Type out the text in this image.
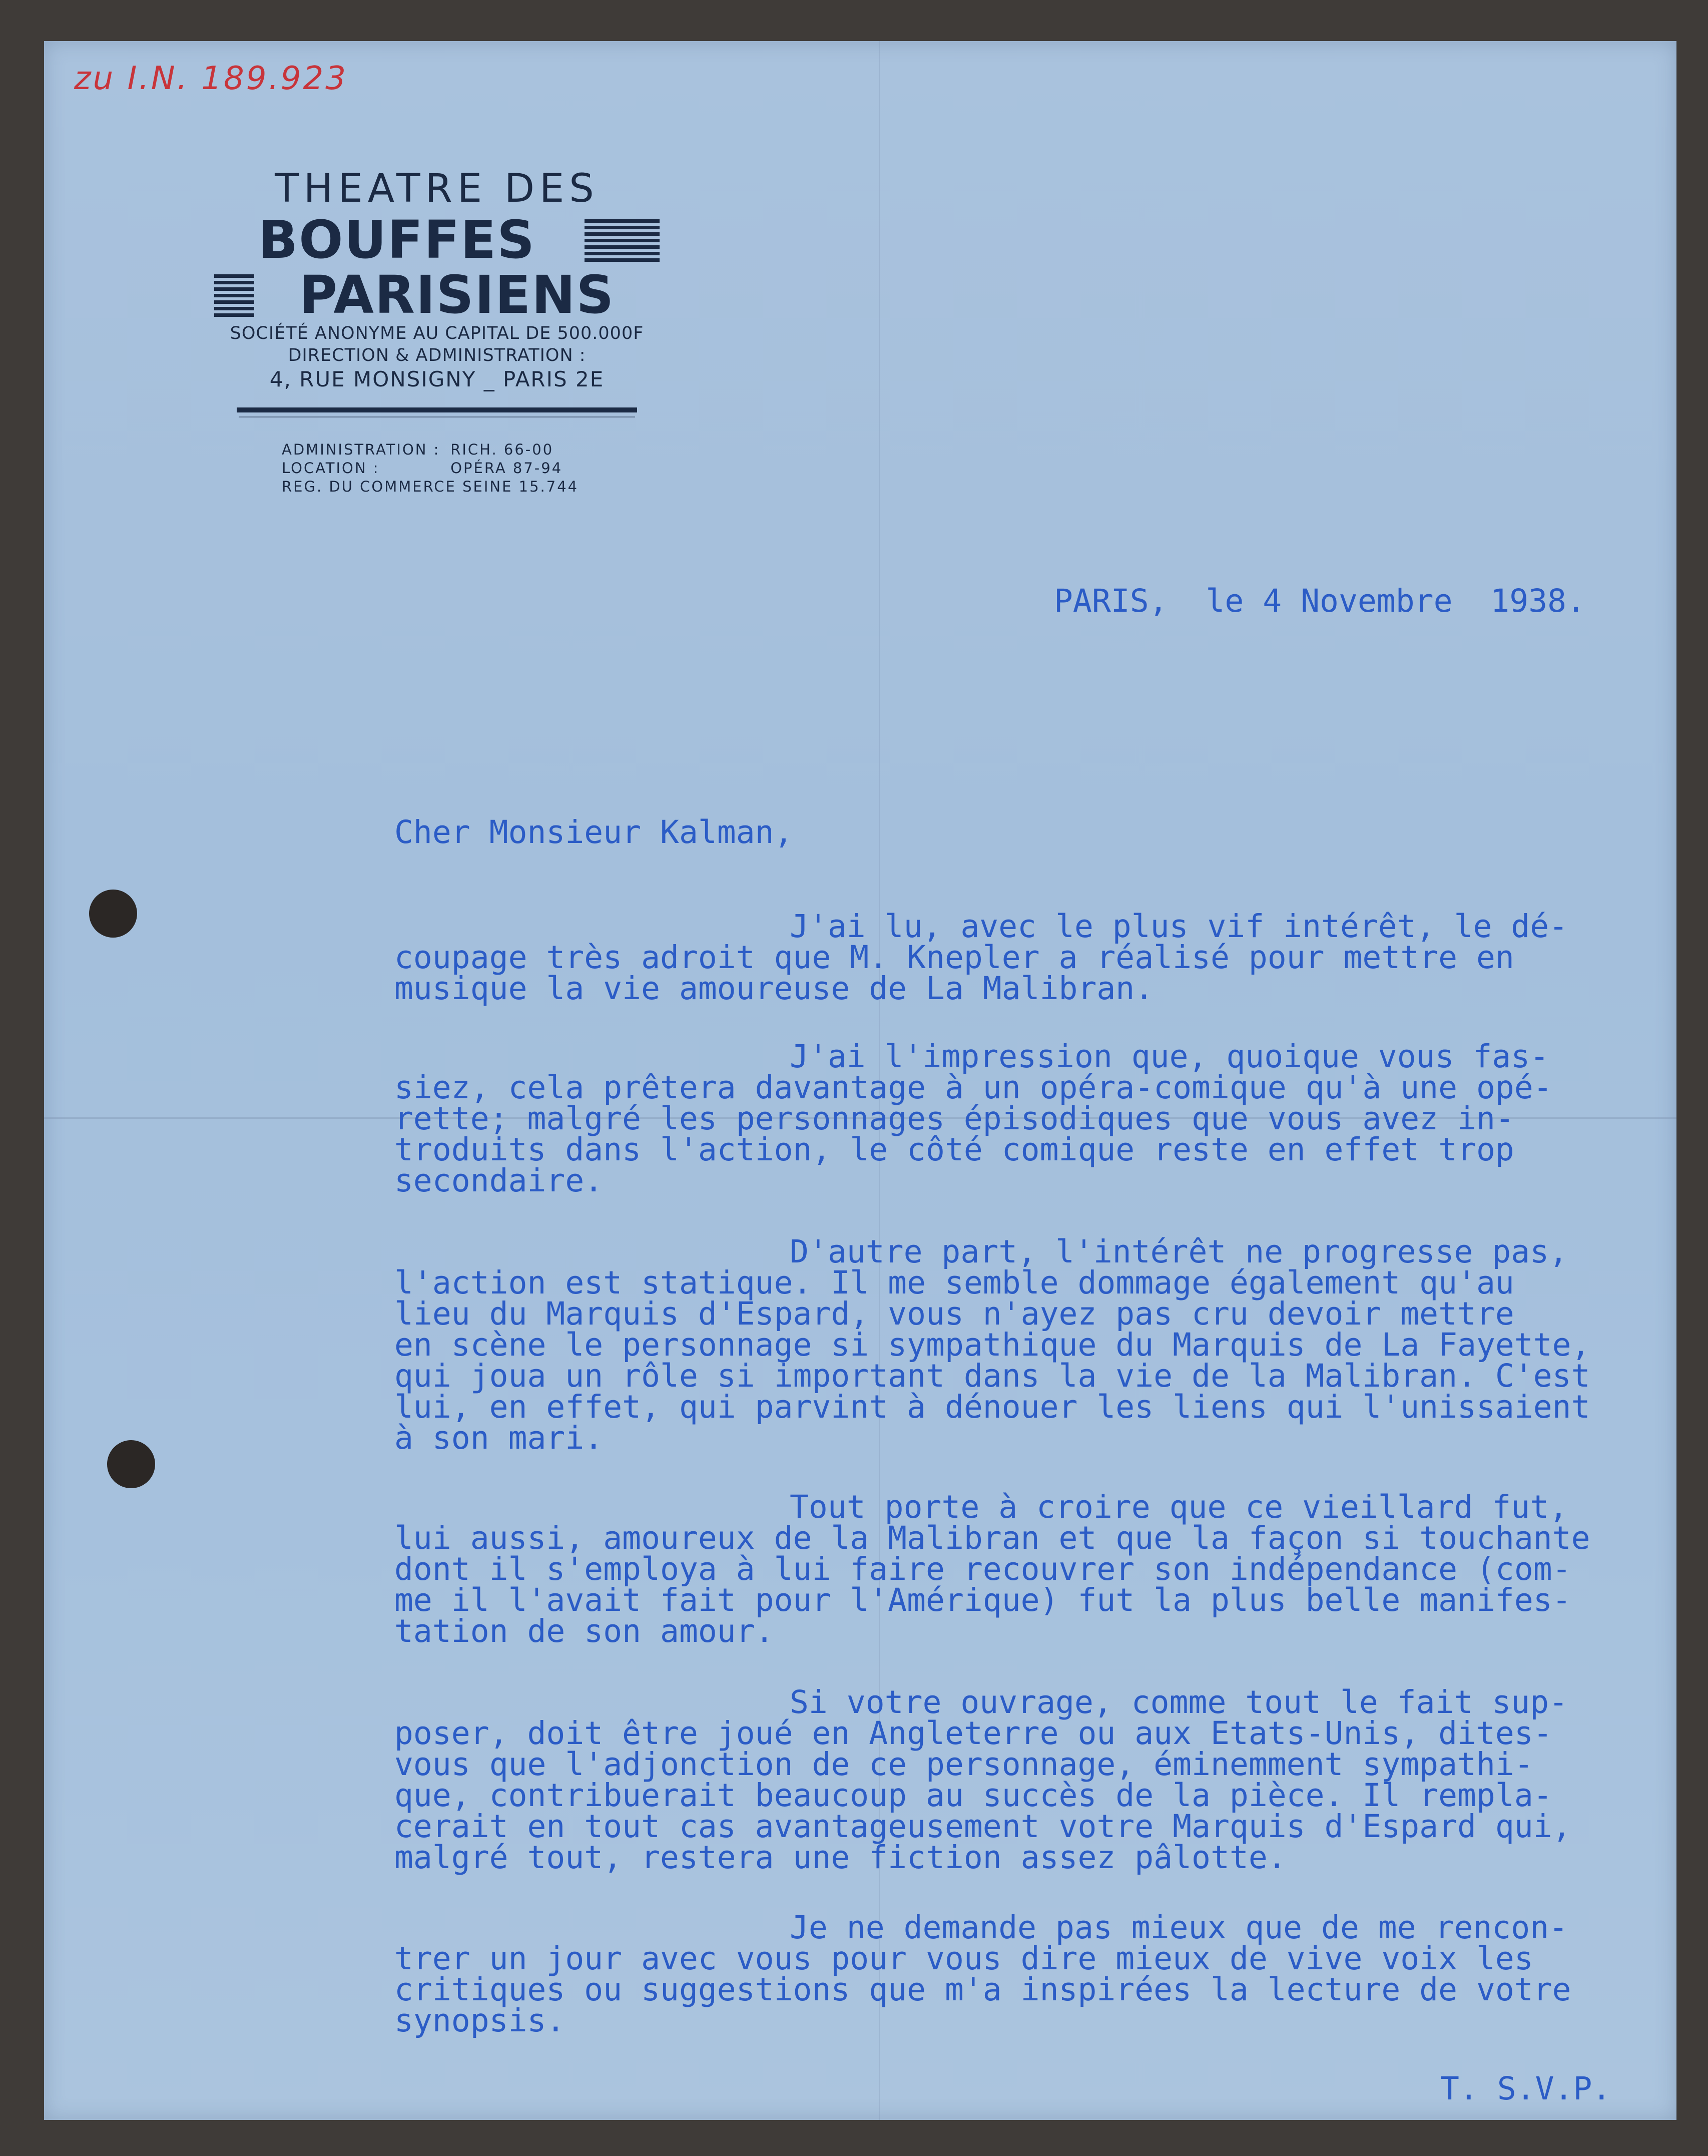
zu I.N. 189.923
THEATRE DES
BOUFFES
PARISIENS
SOCIÉTÉ ANONYME AU CAPITAL DE 500.000F
DIRECTION & ADMINISTRATION :
4, RUE MONSIGNY _ PARIS 2E
ADMINISTRATION : RICH. 66-00
LOCATION :	OPÉRA 87-94
REG. DU COMMERCE SEINE 15.744
PARIS,  le 4 Novembre  1938.
Cher Monsieur Kalman,
J'ai lu, avec le plus vif intérêt, le dé-
coupage très adroit que M. Knepler a réalisé pour mettre en
musique la vie amoureuse de La Malibran.
J'ai l'impression que, quoique vous fas-
siez, cela prêtera davantage à un opéra-comique qu'à une opé-
rette; malgré les personnages épisodiques que vous avez in-
troduits dans l'action, le côté comique reste en effet trop
secondaire.
D'autre part, l'intérêt ne progresse pas,
l'action est statique. Il me semble dommage également qu'au
lieu du Marquis d'Espard, vous n'ayez pas cru devoir mettre
en scène le personnage si sympathique du Marquis de La Fayette,
qui joua un rôle si important dans la vie de la Malibran. C'est
lui, en effet, qui parvint à dénouer les liens qui l'unissaient
à son mari.
Tout porte à croire que ce vieillard fut,
lui aussi, amoureux de la Malibran et que la façon si touchante
dont il s'employa à lui faire recouvrer son indépendance (com-
me il l'avait fait pour l'Amérique) fut la plus belle manifes-
tation de son amour.
Si votre ouvrage, comme tout le fait sup-
poser, doit être joué en Angleterre ou aux Etats-Unis, dites-
vous que l'adjonction de ce personnage, éminemment sympathi-
que, contribuerait beaucoup au succès de la pièce. Il rempla-
cerait en tout cas avantageusement votre Marquis d'Espard qui,
malgré tout, restera une fiction assez pâlotte.
Je ne demande pas mieux que de me rencon-
trer un jour avec vous pour vous dire mieux de vive voix les
critiques ou suggestions que m'a inspirées la lecture de votre
synopsis.
T. S.V.P.
